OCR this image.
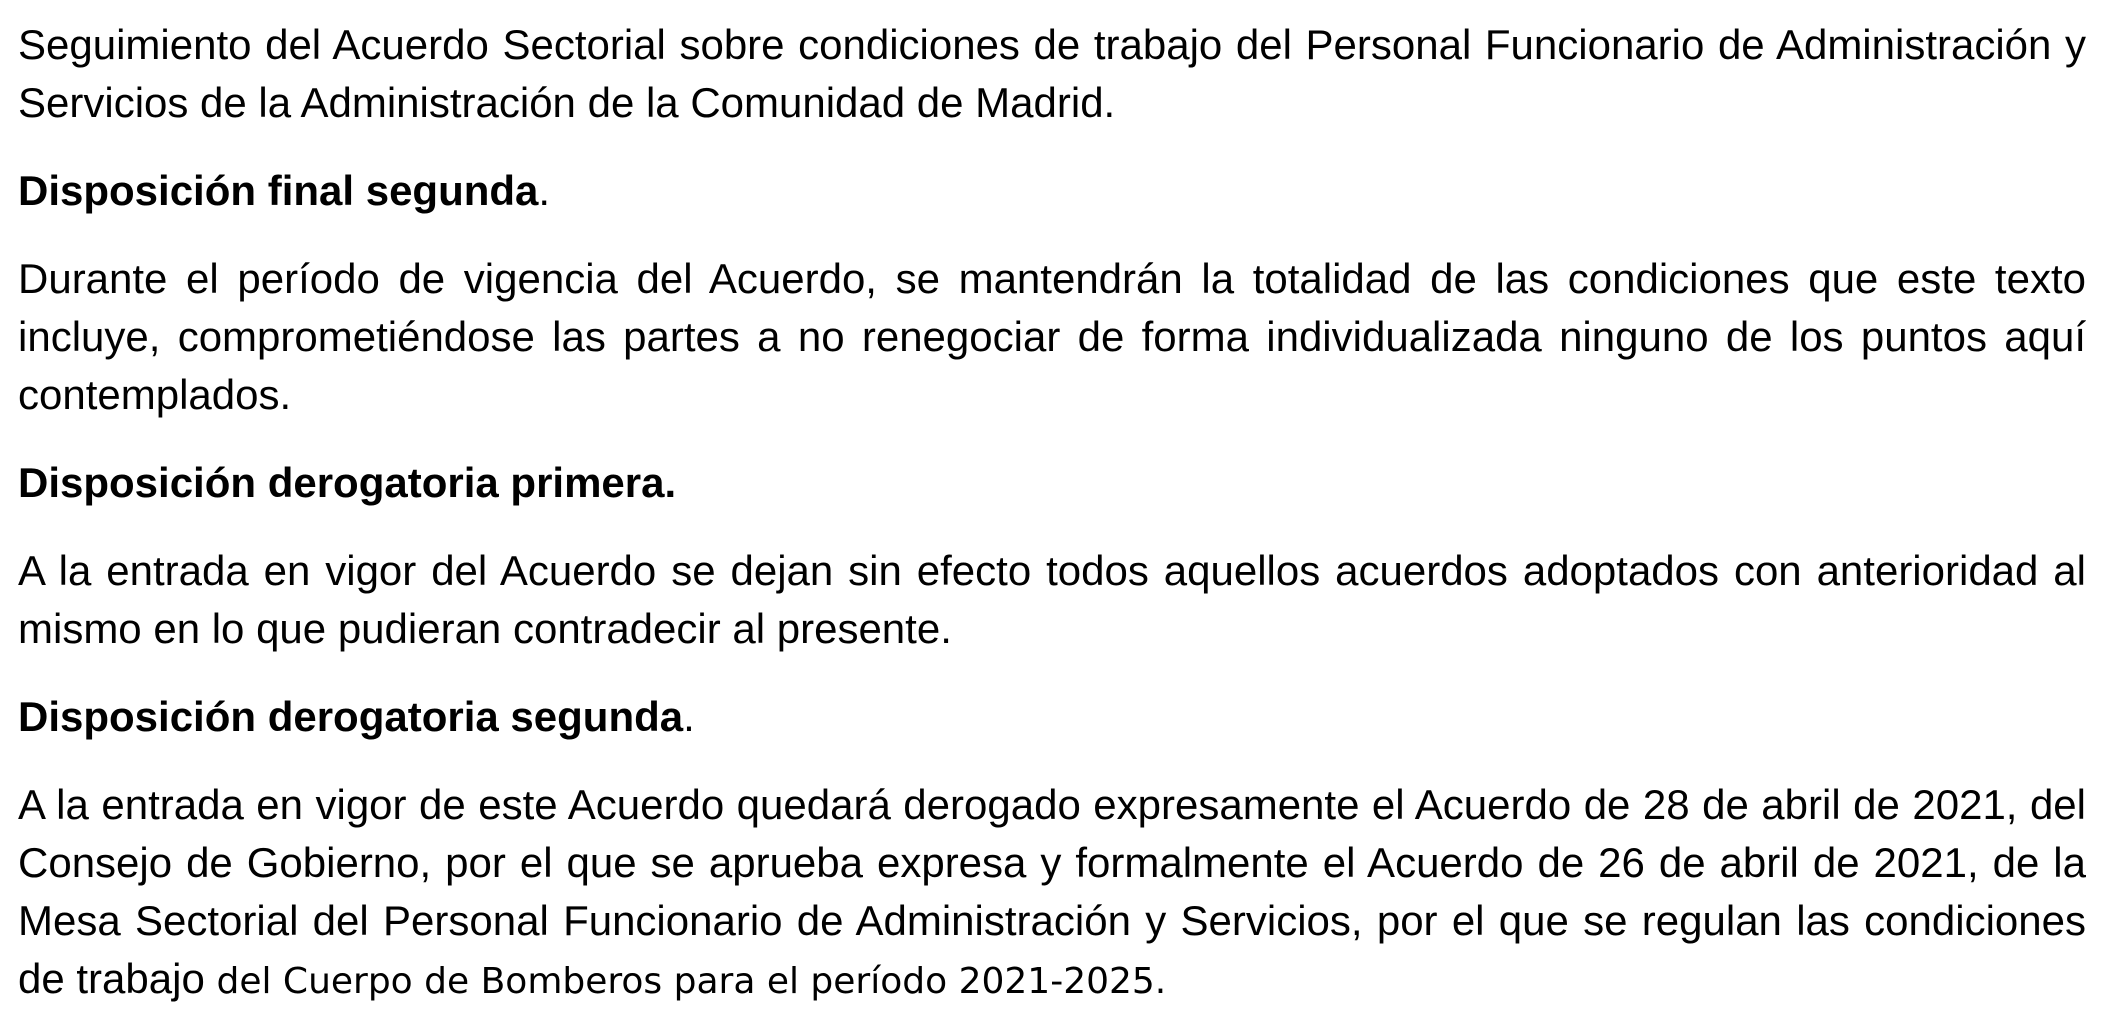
Seguimiento del Acuerdo Sectorial sobre condiciones de trabajo del Personal Funcionario de Administración y Servicios de la Administración de la Comunidad de Madrid.

Disposición final segunda.

Durante el período de vigencia del Acuerdo, se mantendrán la totalidad de las condiciones que este texto incluye, comprometiéndose las partes a no renegociar de forma individualizada ninguno de los puntos aquí contemplados.

Disposición derogatoria primera.

A la entrada en vigor del Acuerdo se dejan sin efecto todos aquellos acuerdos adoptados con anterioridad al mismo en lo que pudieran contradecir al presente.

Disposición derogatoria segunda.

A la entrada en vigor de este Acuerdo quedará derogado expresamente el Acuerdo de 28 de abril de 2021, del Consejo de Gobierno, por el que se aprueba expresa y formalmente el Acuerdo de 26 de abril de 2021, de la Mesa Sectorial del Personal Funcionario de Administración y Servicios, por el que se regulan las condiciones de trabajo del Cuerpo de Bomberos para el período 2021-2025.
